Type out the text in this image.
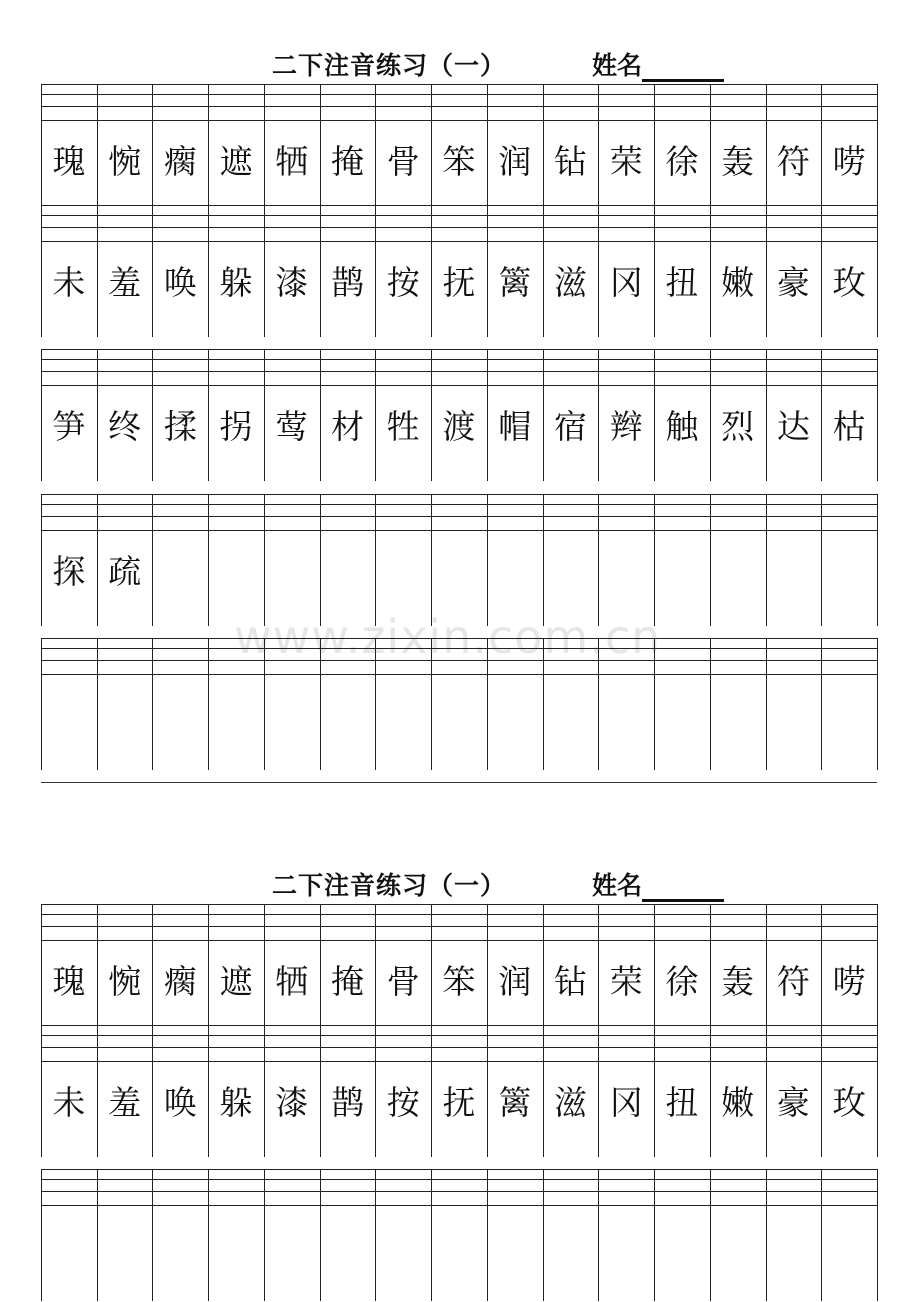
二下注音练习（一）	姓名
二下注音练习（一）	姓名
www.zixin.com.cn
瑰 惋 瘸 遮 牺 掩 骨 笨 润 钻 荣 徐 轰 符 唠
未 羞 唤 躲 漆 鹊 按 抚 篱 滋 冈 扭 嫩 豪 玫
笋 终 揉 拐 莺 材 牲 渡 帽 宿 辫 触 烈 达 枯
探 疏
瑰 惋 瘸 遮 牺 掩 骨 笨 润 钻 荣 徐 轰 符 唠
未 羞 唤 躲 漆 鹊 按 抚 篱 滋 冈 扭 嫩 豪 玫
